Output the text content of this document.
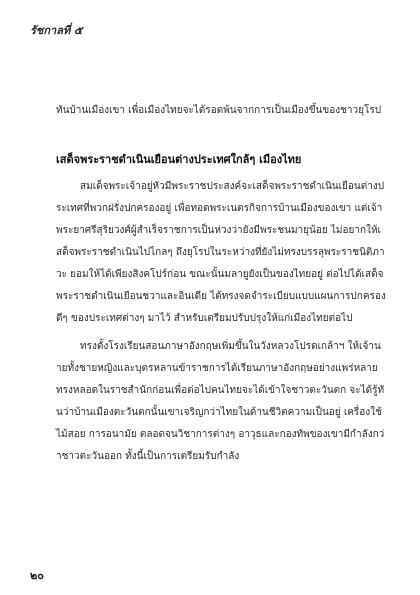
รัชกาลที่ ๕
ทันบ้านเมืองเขา เพื่อเมืองไทยจะได้รอดพ้นจากการเป็นเมืองขึ้นของชาวยุโรป
เสด็จพระราชดำเนินเยือนต่างประเทศใกล้ๆ เมืองไทย

สมเด็จพระเจ้าอยู่หัวมีพระราชประสงค์จะเสด็จพระราชดำเนินเยือนต่างประเทศที่พวกฝรั่งปกครองอยู่ เพื่อทอดพระเนตรกิจการบ้านเมืองของเขา แต่เจ้าพระยาศรีสุริยวงศ์ผู้สำเร็จราชการเป็นห่วงว่ายังมีพระชนมายุน้อย ไม่อยากให้เสด็จพระราชดำเนินไปไกลๆ ถึงยุโรปในระหว่างที่ยังไม่ทรงบรรลุพระราชนิติภาวะ ยอมให้ได้เพียงสิงคโปร์ก่อน ขณะนั้นมลายูยังเป็นของไทยอยู่ ต่อไปได้เสด็จพระราชดำเนินเยือนชวาและอินเดีย ได้ทรงจดจำระเบียบแบบแผนการปกครองดีๆ ของประเทศต่างๆ มาไว้ สำหรับเตรียมปรับปรุงให้แก่เมืองไทยต่อไป

ทรงตั้งโรงเรียนสอนภาษาอังกฤษเพิ่มขึ้นในวังหลวงโปรดเกล้าฯ ให้เจ้านายทั้งชายหญิงและบุตรหลานข้าราชการได้เรียนภาษาอังกฤษอย่างแพร่หลาย ทรงหลอดในราชสำนักก่อนเพื่อต่อไปคนไทยจะได้เข้าใจชาวตะวันตก จะได้รู้ทันว่าบ้านเมืองตะวันตกนั้นเขาเจริญกว่าไทยในด้านชีวิตความเป็นอยู่ เครื่องใช้ไม้สอย การอนามัย ตลอดจนวิชาการต่างๆ อาวุธและกองทัพของเขามีกำลังกว่าชาวตะวันออก ทั้งนี้เป็นการเตรียมรับกำลัง

๒๐
